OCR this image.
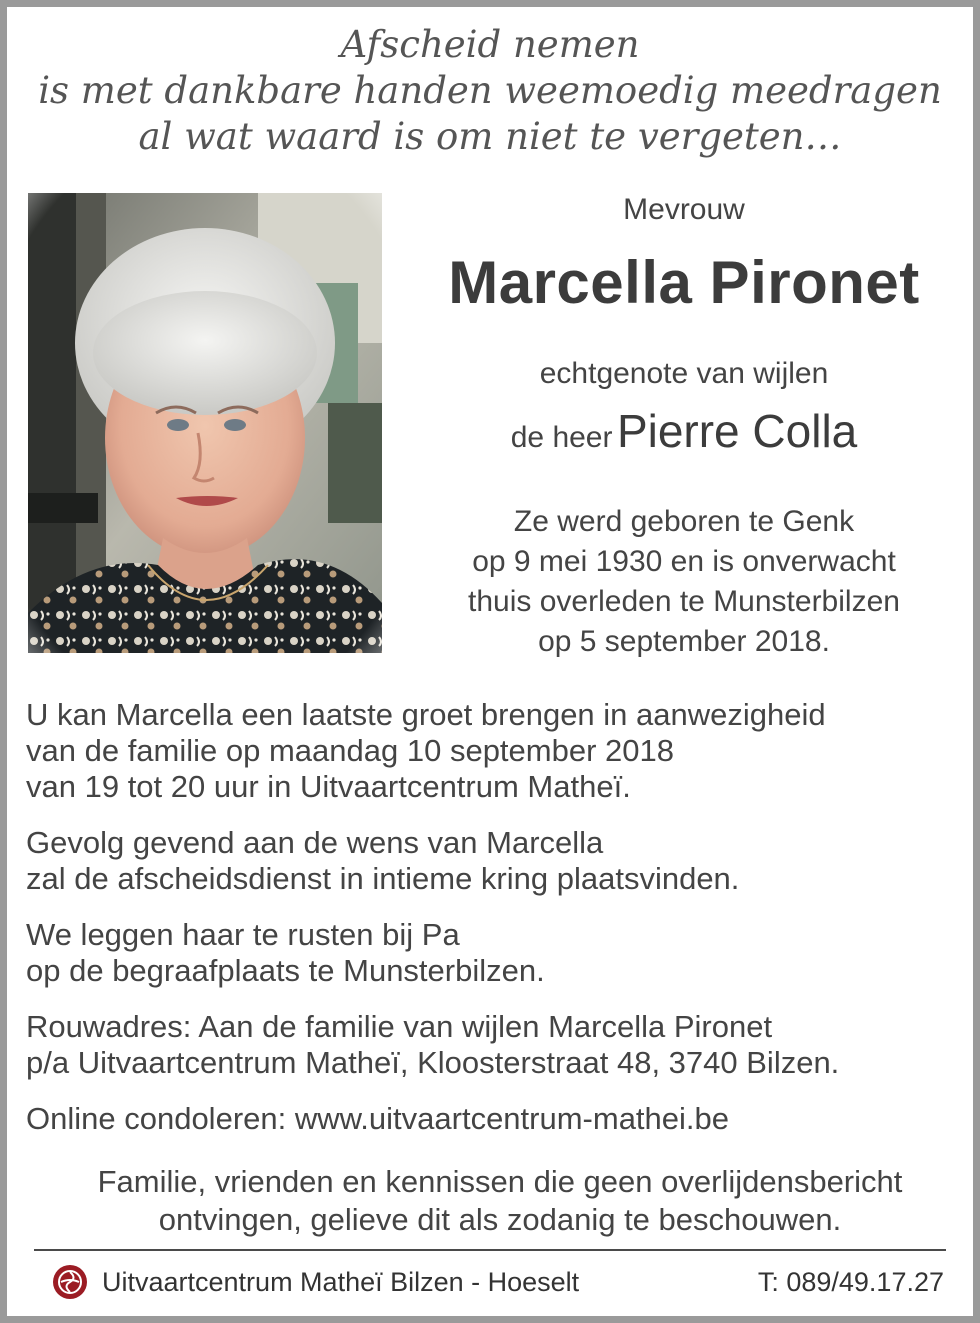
Afscheid nemen
is met dankbare handen weemoedig meedragen
al wat waard is om niet te vergeten…
Mevrouw
Marcella Pironet
echtgenote van wijlen
de heer Pierre Colla
Ze werd geboren te Genk
op 9 mei 1930 en is onverwacht
thuis overleden te Munsterbilzen
op 5 september 2018.
U kan Marcella een laatste groet brengen in aanwezigheid
van de familie op maandag 10 september 2018
van 19 tot 20 uur in Uitvaartcentrum Matheï.
Gevolg gevend aan de wens van Marcella
zal de afscheidsdienst in intieme kring plaatsvinden.
We leggen haar te rusten bij Pa
op de begraafplaats te Munsterbilzen.
Rouwadres: Aan de familie van wijlen Marcella Pironet
p/a Uitvaartcentrum Matheï, Kloosterstraat 48, 3740 Bilzen.
Online condoleren: www.uitvaartcentrum-mathei.be
Familie, vrienden en kennissen die geen overlijdensbericht
ontvingen, gelieve dit als zodanig te beschouwen.
Uitvaartcentrum Matheï Bilzen - Hoeselt	T: 089/49.17.27
